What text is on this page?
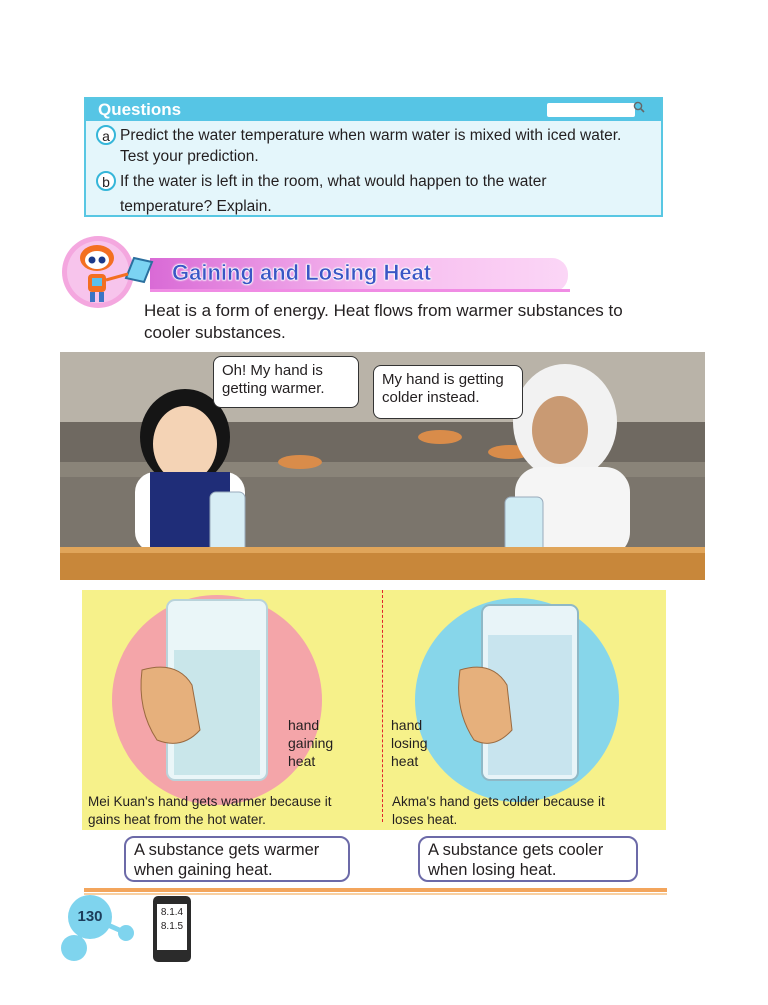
Questions
a Predict the water temperature when warm water is mixed with iced water.
Test your prediction.
b If the water is left in the room, what would happen to the water
temperature? Explain.
Gaining and Losing Heat
Heat is a form of energy. Heat flows from warmer substances to
cooler substances.
Oh! My hand is
getting warmer.
My hand is getting
colder instead.
hand
gaining
heat
hand
losing
heat
Mei Kuan's hand gets warmer because it
gains heat from the hot water.
Akma's hand gets colder because it
loses heat.
A substance gets warmer
when gaining heat.
A substance gets cooler
when losing heat.
130	8.1.4
8.1.5
